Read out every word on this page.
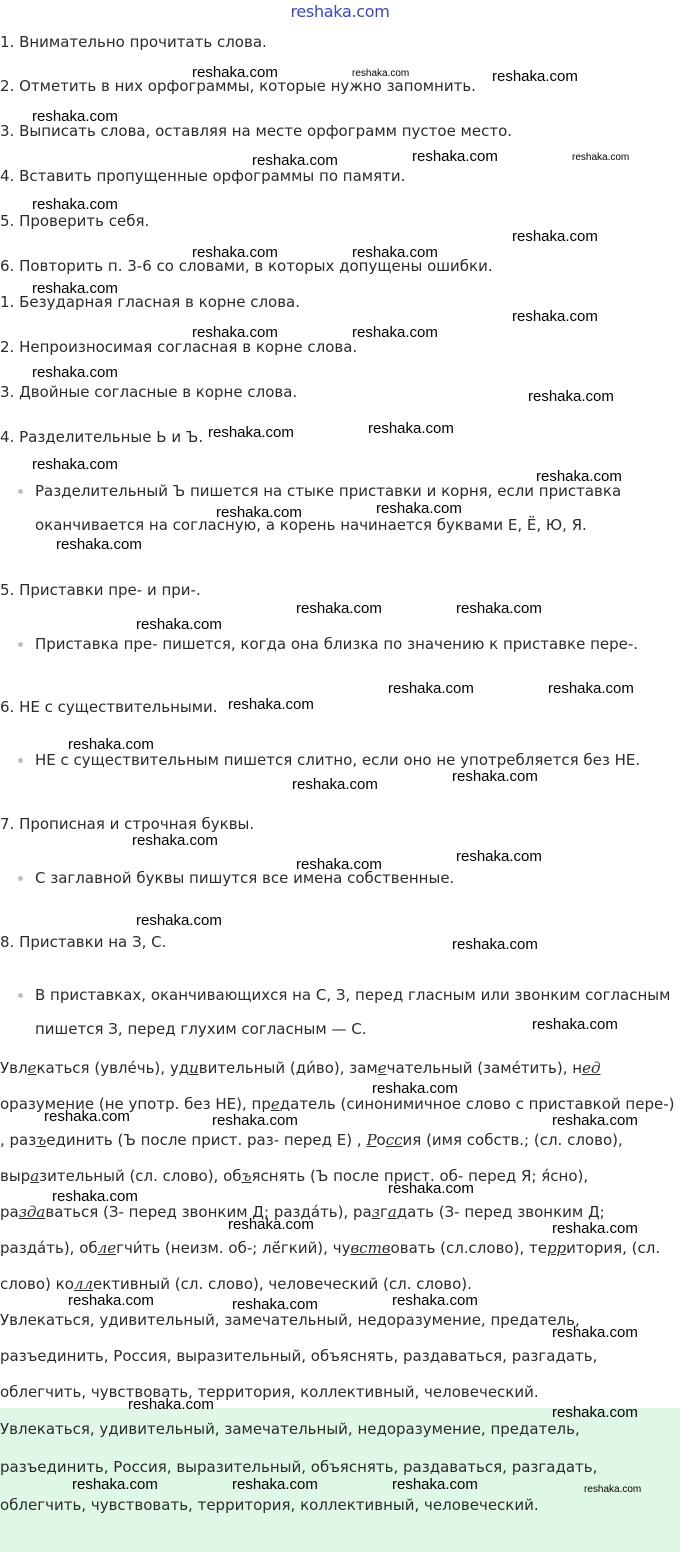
reshaka.com
1. Внимательно прочитать слова.
2. Отметить в них орфограммы, которые нужно запомнить.
3. Выписать слова, оставляя на месте орфограмм пустое место.
4. Вставить пропущенные орфограммы по памяти.
5. Проверить себя.
6. Повторить п. 3-6 со словами, в которых допущены ошибки.
1. Безударная гласная в корне слова.
2. Непроизносимая согласная в корне слова.
3. Двойные согласные в корне слова.
4. Разделительные Ь и Ъ.
Разделительный Ъ пишется на стыке приставки и корня, если приставка оканчивается на согласную, а корень начинается буквами Е, Ё, Ю, Я.
5. Приставки пре- и при-.
Приставка пре- пишется, когда она близка по значению к приставке пере-.
6. НЕ с существительными.
НЕ с существительным пишется слитно, если оно не употребляется без НЕ.
7. Прописная и строчная буквы.
С заглавной буквы пишутся все имена собственные.
8. Приставки на З, С.
В приставках, оканчивающихся на С, З, перед гласным или звонким согласным пишется З, перед глухим согласным — С.
Увлекаться (увле́чь), удивительный (ди́во), замечательный (заме́тить), нед оразумение (не употр. без НЕ), предатель (синонимичное слово с приставкой пере-) , разъединить (Ъ после прист. раз- перед Е) , Россия (имя собств.; (сл. слово), выразительный (сл. слово), объяснять (Ъ после прист. об- перед Я; я́сно), раздаваться (З- перед звонким Д; разда́ть), разгадать (З- перед звонким Д; разда́ть), облегчи́ть (неизм. об-; лё́гкий), чувствовать (сл.слово), территория, (сл. слово) коллективный (сл. слово), человеческий (сл. слово).
Увлекаться, удивительный, замечательный, недоразумение, предатель, разъединить, Россия, выразительный, объяснять, раздаваться, разгадать, облегчить, чувствовать, территория, коллективный, человеческий.
Увлекаться, удивительный, замечательный, недоразумение, предатель, разъединить, Россия, выразительный, объяснять, раздаваться, разгадать, облегчить, чувствовать, территория, коллективный, человеческий.
reshaka.com	reshaka.com	reshaka.com
reshaka.com
reshaka.com	reshaka.com	reshaka.com
reshaka.com
reshaka.com	reshaka.com
reshaka.com
reshaka.com
reshaka.com
reshaka.com	reshaka.com
reshaka.com
reshaka.com
reshaka.com	reshaka.com
reshaka.com
reshaka.com
reshaka.com
reshaka.com
reshaka.com
reshaka.com	reshaka.com
reshaka.com
reshaka.com	reshaka.com
reshaka.com
reshaka.com
reshaka.com
reshaka.com
reshaka.com
reshaka.com
reshaka.com
reshaka.com
reshaka.com
reshaka.com
reshaka.com
reshaka.com	reshaka.com	reshaka.com
reshaka.com
reshaka.com
reshaka.com	reshaka.com
reshaka.com	reshaka.com	reshaka.com
reshaka.com
reshaka.com	reshaka.com
reshaka.com	reshaka.com	reshaka.com	reshaka.com
